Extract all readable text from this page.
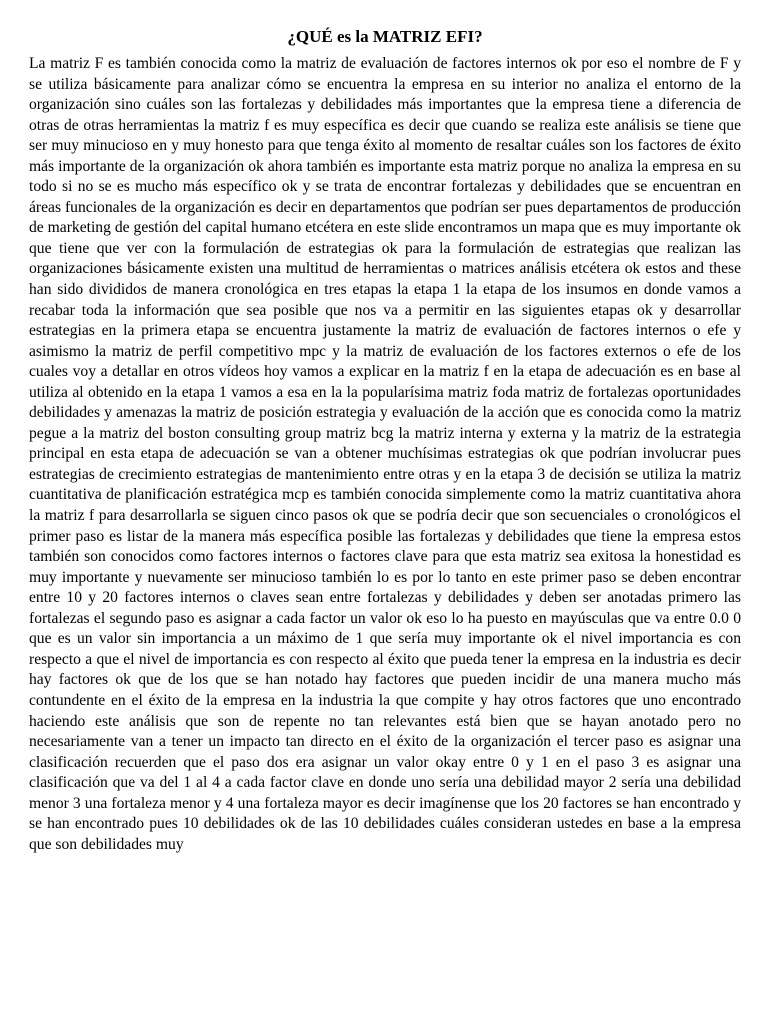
¿QUÉ es la MATRIZ EFI?

La matriz F es también conocida como la matriz de evaluación de factores internos ok por eso el nombre de F y se utiliza básicamente para analizar cómo se encuentra la empresa en su interior no analiza el entorno de la organización sino cuáles son las fortalezas y debilidades más importantes que la empresa tiene a diferencia de otras de otras herramientas la matriz f es muy específica es decir que cuando se realiza este análisis se tiene que ser muy minucioso en y muy honesto para que tenga éxito al momento de resaltar cuáles son los factores de éxito más importante de la organización ok ahora también es importante esta matriz porque no analiza la empresa en su todo si no se es mucho más específico ok y se trata de encontrar fortalezas y debilidades que se encuentran en áreas funcionales de la organización es decir en departamentos que podrían ser pues departamentos de producción de marketing de gestión del capital humano etcétera en este slide encontramos un mapa que es muy importante ok que tiene que ver con la formulación de estrategias ok para la formulación de estrategias que realizan las organizaciones básicamente existen una multitud de herramientas o matrices análisis etcétera ok estos and these han sido divididos de manera cronológica en tres etapas la etapa 1 la etapa de los insumos en donde vamos a recabar toda la información que sea posible que nos va a permitir en las siguientes etapas ok y desarrollar estrategias en la primera etapa se encuentra justamente la matriz de evaluación de factores internos o efe y asimismo la matriz de perfil competitivo mpc y la matriz de evaluación de los factores externos o efe de los cuales voy a detallar en otros vídeos hoy vamos a explicar en la matriz f en la etapa de adecuación es en base al utiliza al obtenido en la etapa 1 vamos a esa en la la popularísima matriz foda matriz de fortalezas oportunidades debilidades y amenazas la matriz de posición estrategia y evaluación de la acción que es conocida como la matriz pegue a la matriz del boston consulting group matriz bcg la matriz interna y externa y la matriz de la estrategia principal en esta etapa de adecuación se van a obtener muchísimas estrategias ok que podrían involucrar pues estrategias de crecimiento estrategias de mantenimiento entre otras y en la etapa 3 de decisión se utiliza la matriz cuantitativa de planificación estratégica mcp es también conocida simplemente como la matriz cuantitativa ahora la matriz f para desarrollarla se siguen cinco pasos ok que se podría decir que son secuenciales o cronológicos el primer paso es listar de la manera más específica posible las fortalezas y debilidades que tiene la empresa estos también son conocidos como factores internos o factores clave para que esta matriz sea exitosa la honestidad es muy importante y nuevamente ser minucioso también lo es por lo tanto en este primer paso se deben encontrar entre 10 y 20 factores internos o claves sean entre fortalezas y debilidades y deben ser anotadas primero las fortalezas el segundo paso es asignar a cada factor un valor ok eso lo ha puesto en mayúsculas que va entre 0.0 0 que es un valor sin importancia a un máximo de 1 que sería muy importante ok el nivel importancia es con respecto a que el nivel de importancia es con respecto al éxito que pueda tener la empresa en la industria es decir hay factores ok que de los que se han notado hay factores que pueden incidir de una manera mucho más contundente en el éxito de la empresa en la industria la que compite y hay otros factores que uno encontrado haciendo este análisis que son de repente no tan relevantes está bien que se hayan anotado pero no necesariamente van a tener un impacto tan directo en el éxito de la organización el tercer paso es asignar una clasificación recuerden que el paso dos era asignar un valor okay entre 0 y 1 en el paso 3 es asignar una clasificación que va del 1 al 4 a cada factor clave en donde uno sería una debilidad mayor 2 sería una debilidad menor 3 una fortaleza menor y 4 una fortaleza mayor es decir imagínense que los 20 factores se han encontrado y se han encontrado pues 10 debilidades ok de las 10 debilidades cuáles consideran ustedes en base a la empresa que son debilidades muy
